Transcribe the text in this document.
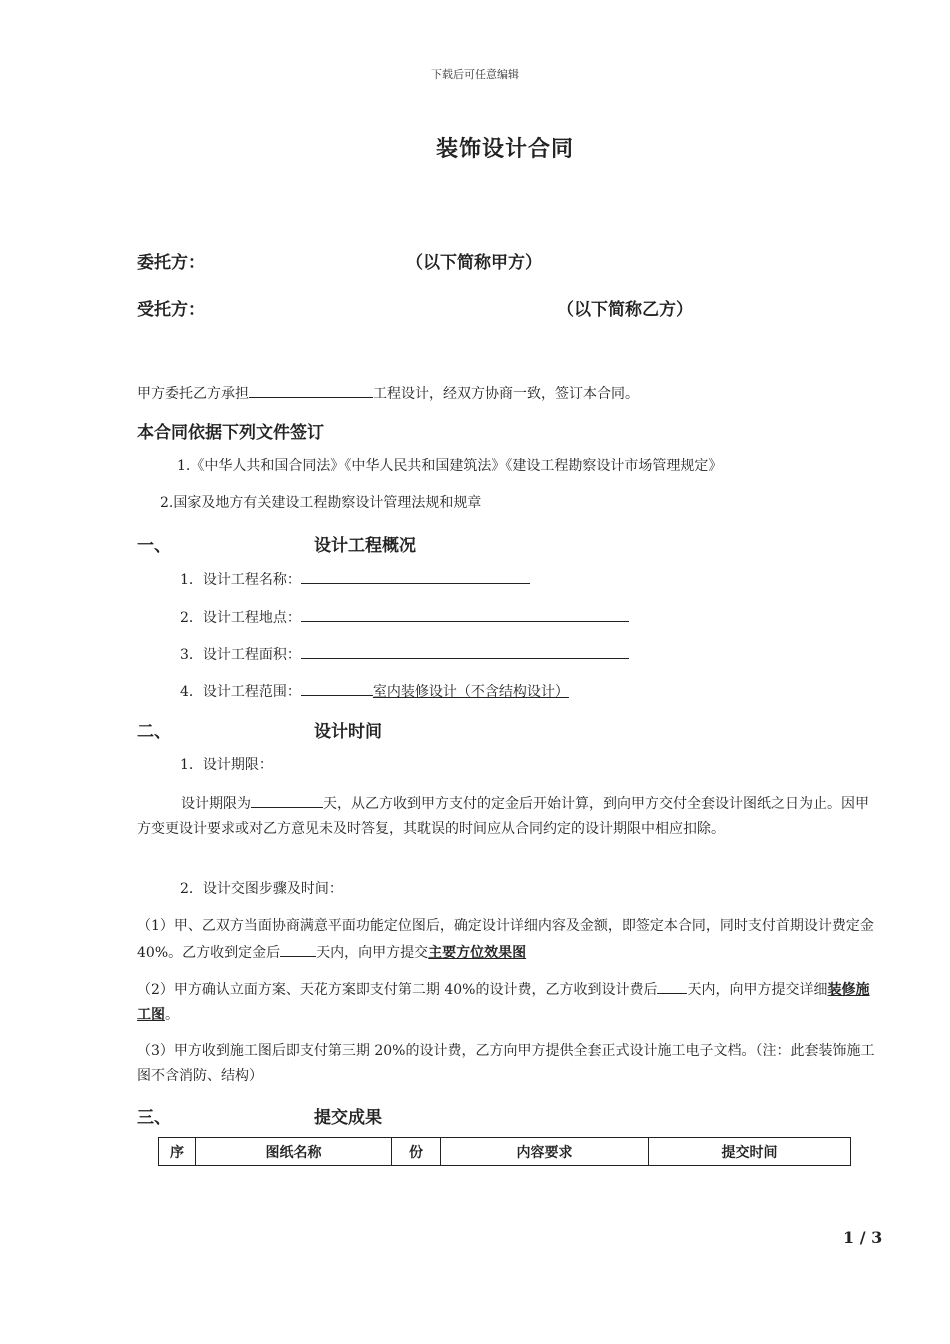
下载后可任意编辑
装饰设计合同
委托方：	（以下简称甲方）
受托方：	（以下简称乙方）
甲方委托乙方承担	工程设计，经双方协商一致，签订本合同。
本合同依据下列文件签订
1.《中华人共和国合同法》《中华人民共和国建筑法》《建设工程勘察设计市场管理规定》
2.国家及地方有关建设工程勘察设计管理法规和规章
一、	设计工程概况
1．设计工程名称：
2．设计工程地点：
3．设计工程面积：
4．设计工程范围：	室内装修设计（不含结构设计）
二、	设计时间
1．设计期限：
设计期限为	天，从乙方收到甲方支付的定金后开始计算，到向甲方交付全套设计图纸之日为止。因甲方变更设计要求或对乙方意见未及时答复，其耽误的时间应从合同约定的设计期限中相应扣除。
2．设计交图步骤及时间：
（1）甲、乙双方当面协商满意平面功能定位图后，确定设计详细内容及金额，即签定本合同，同时支付首期设计费定金 40%。乙方收到定金后	天内，向甲方提交主要方位效果图
（2）甲方确认立面方案、天花方案即支付第二期 40%的设计费，乙方收到设计费后 天内，向甲方提交详细装修施工图。
（3）甲方收到施工图后即支付第三期 20%的设计费，乙方向甲方提供全套正式设计施工电子文档。（注：此套装饰施工图不含消防、结构）
三、	提交成果
序	图纸名称	份	内容要求	提交时间
1 / 3
